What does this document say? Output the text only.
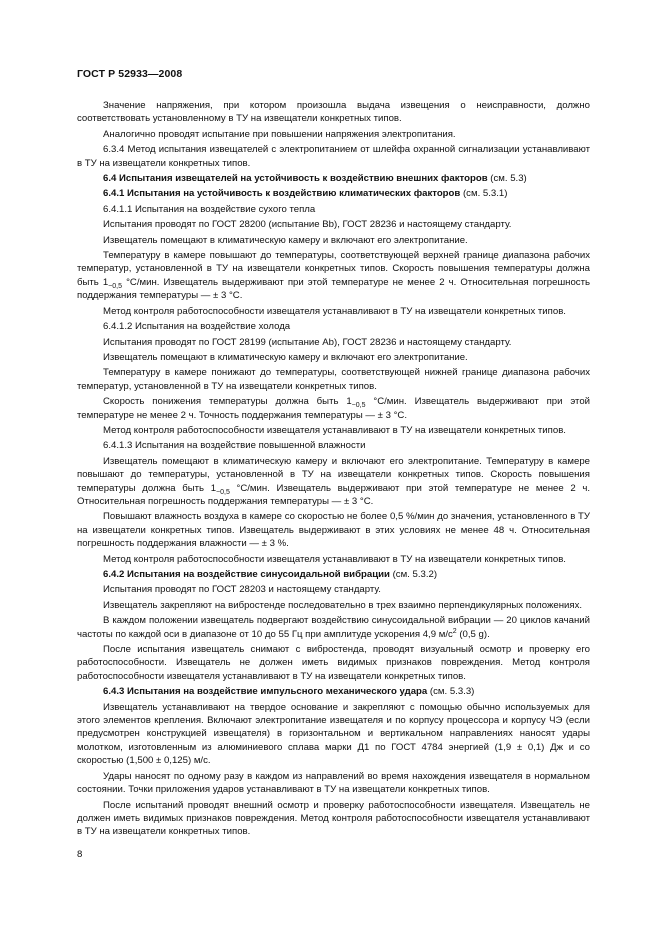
ГОСТ Р 52933—2008

Значение напряжения, при котором произошла выдача извещения о неисправности, должно соответствовать установленному в ТУ на извещатели конкретных типов.

Аналогично проводят испытание при повышении напряжения электропитания.

6.3.4 Метод испытания извещателей с электропитанием от шлейфа охранной сигнализации устанавливают в ТУ на извещатели конкретных типов.

6.4 Испытания извещателей на устойчивость к воздействию внешних факторов (см. 5.3)

6.4.1 Испытания на устойчивость к воздействию климатических факторов (см. 5.3.1)

6.4.1.1 Испытания на воздействие сухого тепла

Испытания проводят по ГОСТ 28200 (испытание Bb), ГОСТ 28236 и настоящему стандарту.

Извещатель помещают в климатическую камеру и включают его электропитание.

Температуру в камере повышают до температуры, соответствующей верхней границе диапазона рабочих температур, установленной в ТУ на извещатели конкретных типов. Скорость повышения температуры должна быть $1_{-0,5}$ °С/мин. Извещатель выдерживают при этой температуре не менее 2 ч. Относительная погрешность поддержания температуры — ± 3 °С.

Метод контроля работоспособности извещателя устанавливают в ТУ на извещатели конкретных типов.

6.4.1.2 Испытания на воздействие холода

Испытания проводят по ГОСТ 28199 (испытание Ab), ГОСТ 28236 и настоящему стандарту.

Извещатель помещают в климатическую камеру и включают его электропитание.

Температуру в камере понижают до температуры, соответствующей нижней границе диапазона рабочих температур, установленной в ТУ на извещатели конкретных типов.

Скорость понижения температуры должна быть $1_{-0,5}$ °С/мин. Извещатель выдерживают при этой температуре не менее 2 ч. Точность поддержания температуры — ± 3 °С.

Метод контроля работоспособности извещателя устанавливают в ТУ на извещатели конкретных типов.

6.4.1.3 Испытания на воздействие повышенной влажности

Извещатель помещают в климатическую камеру и включают его электропитание. Температуру в камере повышают до температуры, установленной в ТУ на извещатели конкретных типов. Скорость повышения температуры должна быть $1_{-0,5}$ °С/мин. Извещатель выдерживают при этой температуре не менее 2 ч. Относительная погрешность поддержания температуры — ± 3 °С.

Повышают влажность воздуха в камере со скоростью не более 0,5 %/мин до значения, установленного в ТУ на извещатели конкретных типов. Извещатель выдерживают в этих условиях не менее 48 ч. Относительная погрешность поддержания влажности — ± 3 %.

Метод контроля работоспособности извещателя устанавливают в ТУ на извещатели конкретных типов.

6.4.2 Испытания на воздействие синусоидальной вибрации (см. 5.3.2)

Испытания проводят по ГОСТ 28203 и настоящему стандарту.

Извещатель закрепляют на вибростенде последовательно в трех взаимно перпендикулярных положениях.

В каждом положении извещатель подвергают воздействию синусоидальной вибрации — 20 циклов качаний частоты по каждой оси в диапазоне от 10 до 55 Гц при амплитуде ускорения 4,9 $м/с^2$ (0,5 g).

После испытания извещатель снимают с вибростенда, проводят визуальный осмотр и проверку его работоспособности. Извещатель не должен иметь видимых признаков повреждения. Метод контроля работоспособности извещателя устанавливают в ТУ на извещатели конкретных типов.

6.4.3 Испытания на воздействие импульсного механического удара (см. 5.3.3)

Извещатель устанавливают на твердое основание и закрепляют с помощью обычно используемых для этого элементов крепления. Включают электропитание извещателя и по корпусу процессора и корпусу ЧЭ (если предусмотрен конструкцией извещателя) в горизонтальном и вертикальном направлениях наносят удары молотком, изготовленным из алюминиевого сплава марки Д1 по ГОСТ 4784 энергией (1,9 ± 0,1) Дж и со скоростью (1,500 ± 0,125) м/с.

Удары наносят по одному разу в каждом из направлений во время нахождения извещателя в нормальном состоянии. Точки приложения ударов устанавливают в ТУ на извещатели конкретных типов.

После испытаний проводят внешний осмотр и проверку работоспособности извещателя. Извещатель не должен иметь видимых признаков повреждения. Метод контроля работоспособности извещателя устанавливают в ТУ на извещатели конкретных типов.

8
